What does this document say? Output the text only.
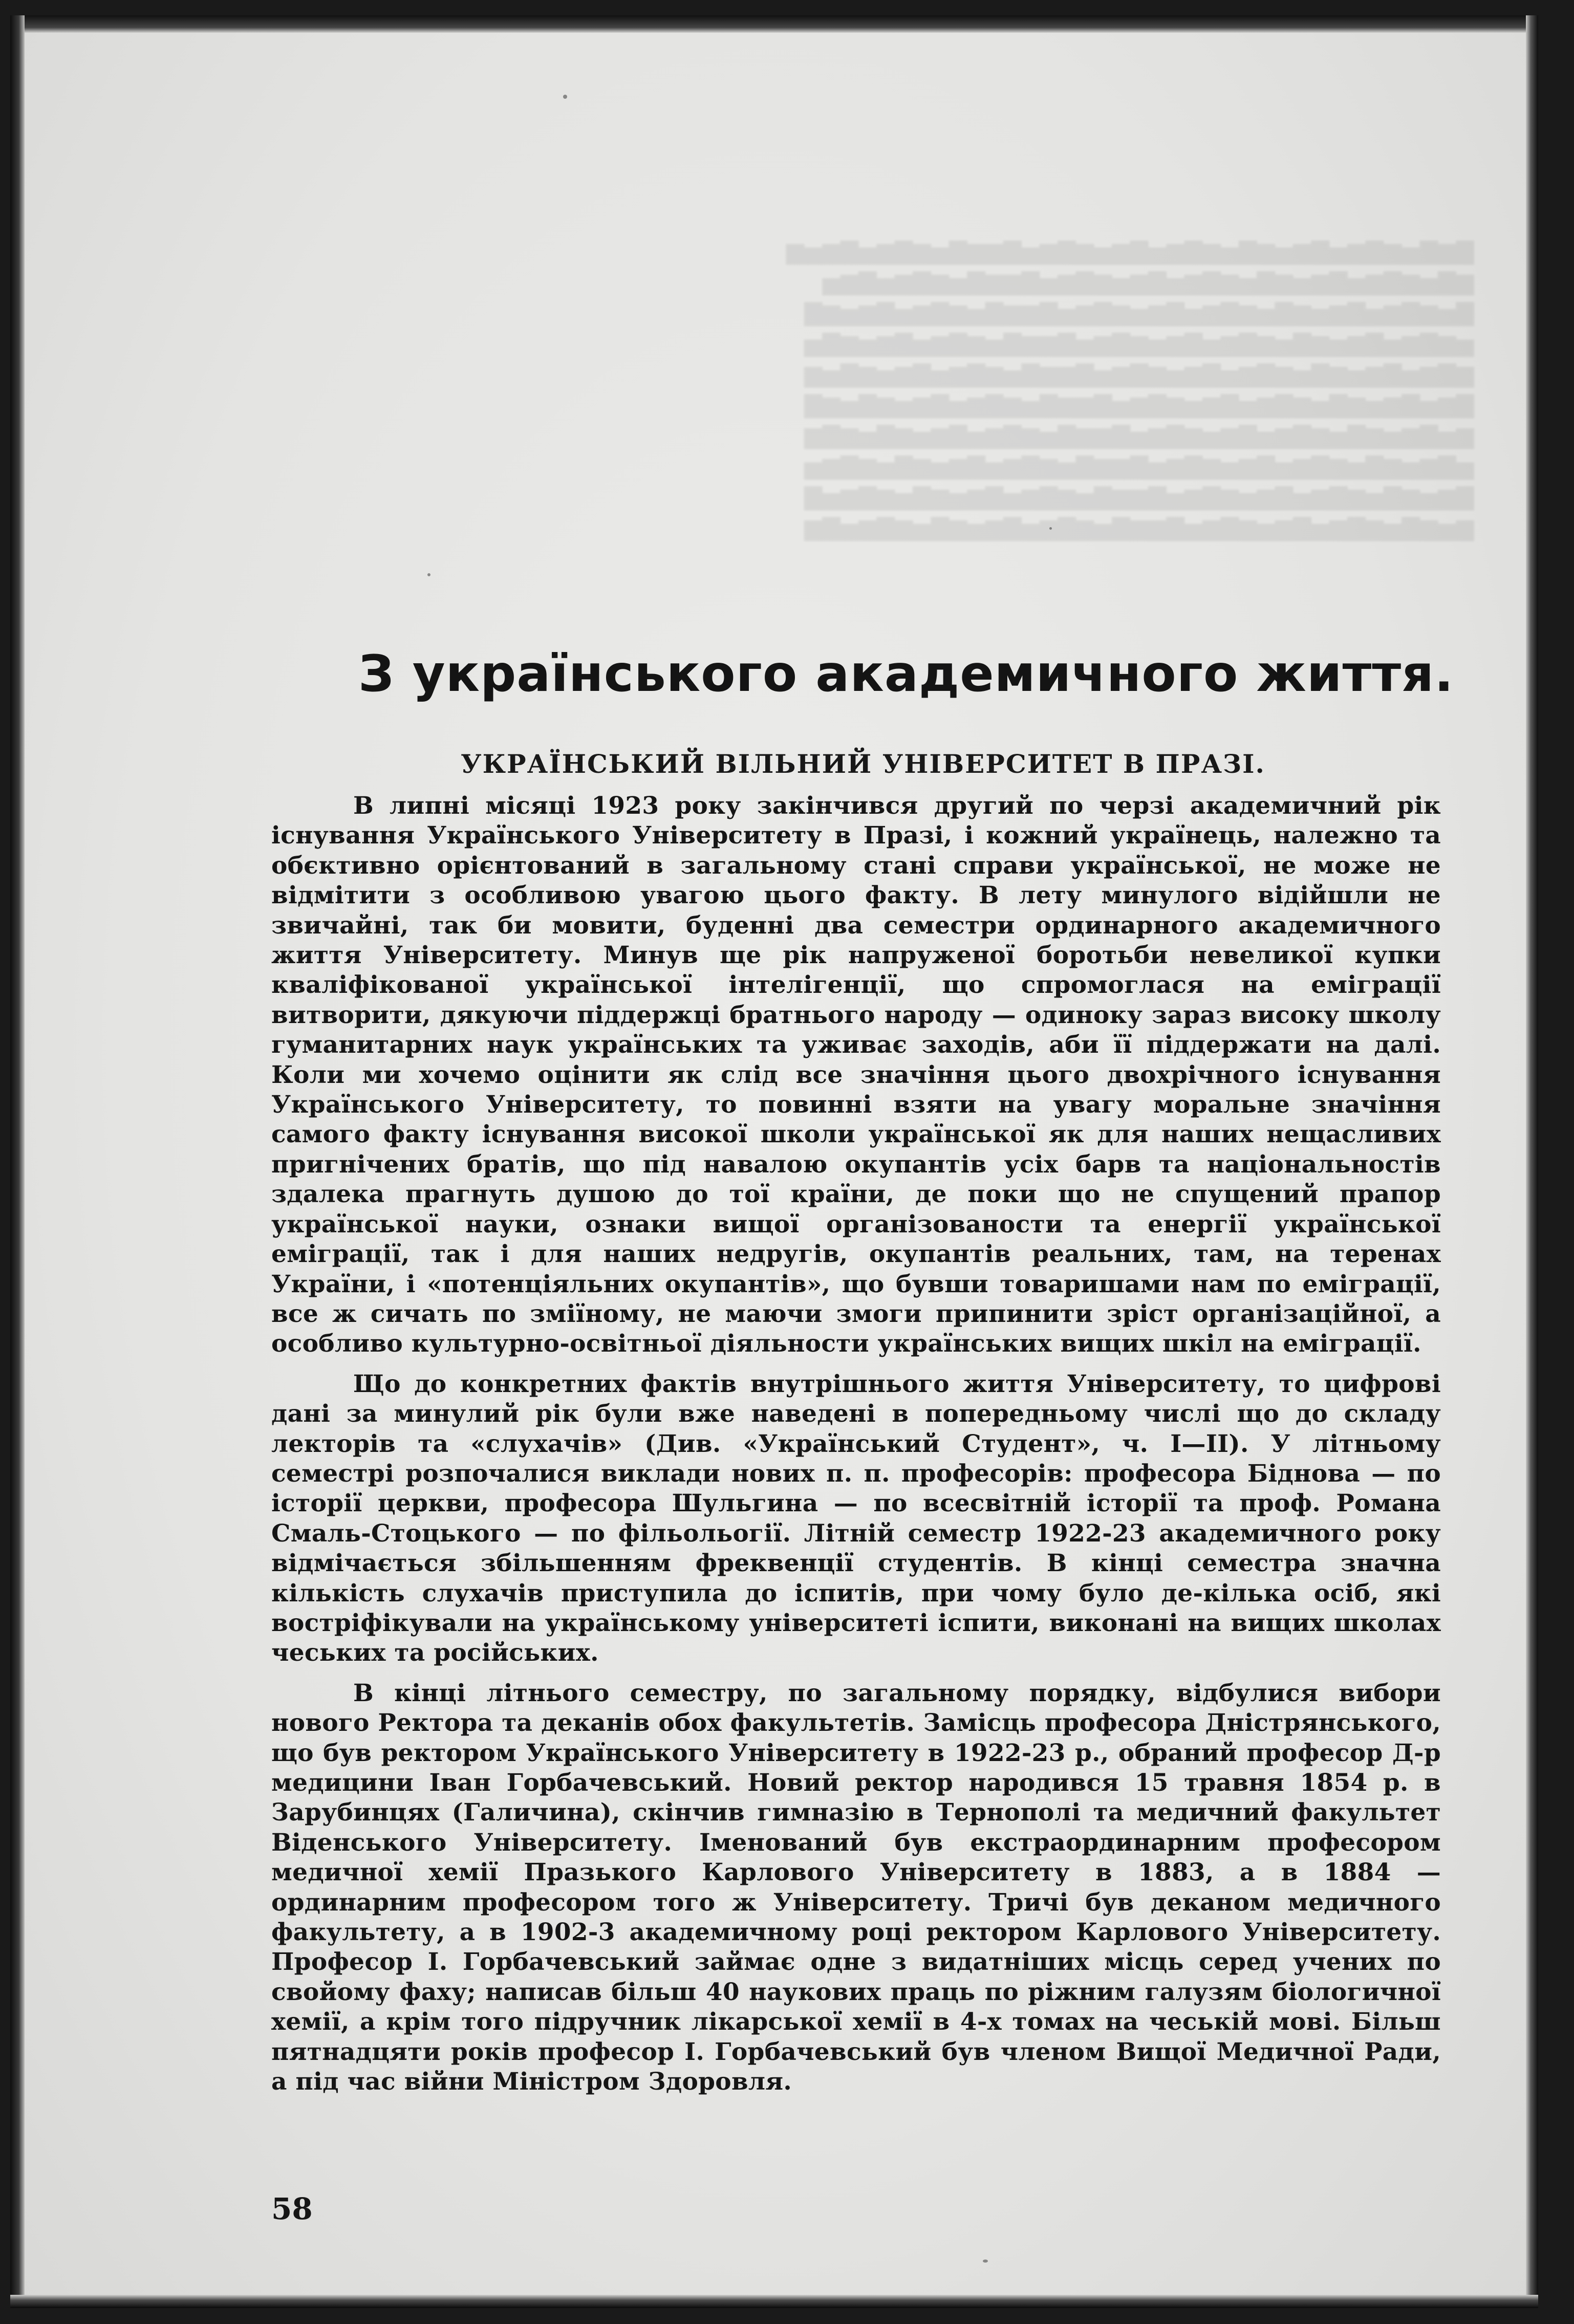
▇▆▇▅▆▇▆▅▇▆▅▆▇▅▆▇▆▅▇▆▅▆▇▆▅▇▆▆▇▅▆▇▆▅▇▆▅▆
▆▇▅▆▇▆▅▇▆▅▆▇▅▆▇▆▅▇▆▅▆▇▆▅▇▆▆▇▅▆▇▆▅▇▆▅
▇▅▆▇▆▅▇▆▅▆▇▅▆▇▆▅▇▆▅▆▇▆▅▇▆▆▇▅▆▇▆▅▇▆▅▆▇
▅▆▇▆▅▇▆▅▆▇▅▆▇▆▅▇▆▅▆▇▆▅▇▆▆▇▅▆▇▆▅▇▆▅▆▇▅
▆▇▆▅▇▆▅▆▇▅▆▇▆▅▇▆▅▆▇▆▅▇▆▆▇▅▆▇▆▅▇▆▅▆▇▅▆
▇▆▅▇▆▅▆▇▅▆▇▆▅▇▆▅▆▇▆▅▇▆▆▇▅▆▇▆▅▇▆▅▆▇▅▆▇
▆▅▇▆▅▆▇▅▆▇▆▅▇▆▅▆▇▆▅▇▆▆▇▅▆▇▆▅▇▆▅▆▇▅▆▇▆
▅▇▆▅▆▇▅▆▇▆▅▇▆▅▆▇▆▅▇▆▆▇▅▆▇▆▅▇▆▅▆▇▅▆▇▆▅
▇▆▅▆▇▅▆▇▆▅▇▆▅▆▇▆▅▇▆▆▇▅▆▇▆▅▇▆▅▆▇▅▆▇▆▅▇
▆▅▆▇▅▆▇▆▅▇▆▅▆▇▆▅▇▆▆▇▅▆▇▆▅▇▆▅▆▇▅▆▇▆▅▇▆
З українського академичного життя.
УКРАЇНСЬКИЙ ВІЛЬНИЙ УНІВЕРСИТЕТ В ПРАЗІ.

В липні місяці 1923 року закінчився другий по черзі академичний рік існування Українського Університету в Празі, і кожний українець, належно та обєктивно орієнтований в загальному стані справи української, не може не відмітити з особливою увагою цього факту. В лету минулого відійшли не звичайні, так би мовити, буденні два семестри ординарного академичного життя Університету. Минув ще рік напруженої боротьби невеликої купки кваліфікованої української інтелігенції, що спромоглася на еміграції витворити, дякуючи піддержці братнього народу — одиноку зараз високу школу гуманитарних наук українських та уживає заходів, аби її піддержати на далі. Коли ми хочемо оцінити як слід все значіння цього двохрічного існування Українського Університету, то повинні взяти на увагу моральне значіння самого факту існування високої школи української як для наших нещасливих пригнічених братів, що під навалою окупантів усіх барв та національностів здалека прагнуть душою до тої країни, де поки що не спущений прапор української науки, ознаки вищої організованости та енергії української еміграції, так і для наших недругів, окупантів реальних, там, на теренах України, і «потенціяльних окупантів», що бувши товаришами нам по еміграції, все ж сичать по зміїному, не маючи змоги припинити зріст організаційної, а особливо культурно-освітньої діяльности українських вищих шкіл на еміграції.

Що до конкретних фактів внутрішнього життя Університету, то цифрові дані за минулий рік були вже наведені в попередньому числі що до складу лекторів та «слухачів» (Див. «Український Студент», ч. I—II). У літньому семестрі розпочалися виклади нових п. п. професорів: професора Біднова — по історії церкви, професора Шульгина — по всесвітній історії та проф. Романа Смаль-Стоцького — по фільольогії. Літній семестр 1922-23 академичного року відмічається збільшенням фреквенції студентів. В кінці семестра значна кількість слухачів приступила до іспитів, при чому було де-кілька осіб, які востріфікували на українському університеті іспити, виконані на вищих школах чеських та російських.

В кінці літнього семестру, по загальному порядку, відбулися вибори нового Ректора та деканів обох факультетів. Замісць професора Дністрянського, що був ректором Українського Університету в 1922-23 р., обраний професор Д-р медицини Іван Горбачевський. Новий ректор народився 15 травня 1854 р. в Зарубинцях (Галичина), скінчив гимназію в Тернополі та медичний факультет Віденського Університету. Іменований був екстраординарним професором медичної хемії Празького Карлового Університету в 1883, а в 1884 — ординарним професором того ж Університету. Тричі був деканом медичного факультету, а в 1902-3 академичному році ректором Карлового Університету. Професор І. Горбачевський займає одне з видатніших місць серед учених по свойому фаху; написав більш 40 наукових праць по ріжним галузям біологичної хемії, а крім того підручник лікарської хемії в 4-х томах на чеській мові. Більш пятнадцяти років професор І. Горбачевський був членом Вищої Медичної Ради, а під час війни Міністром Здоровля.

58
